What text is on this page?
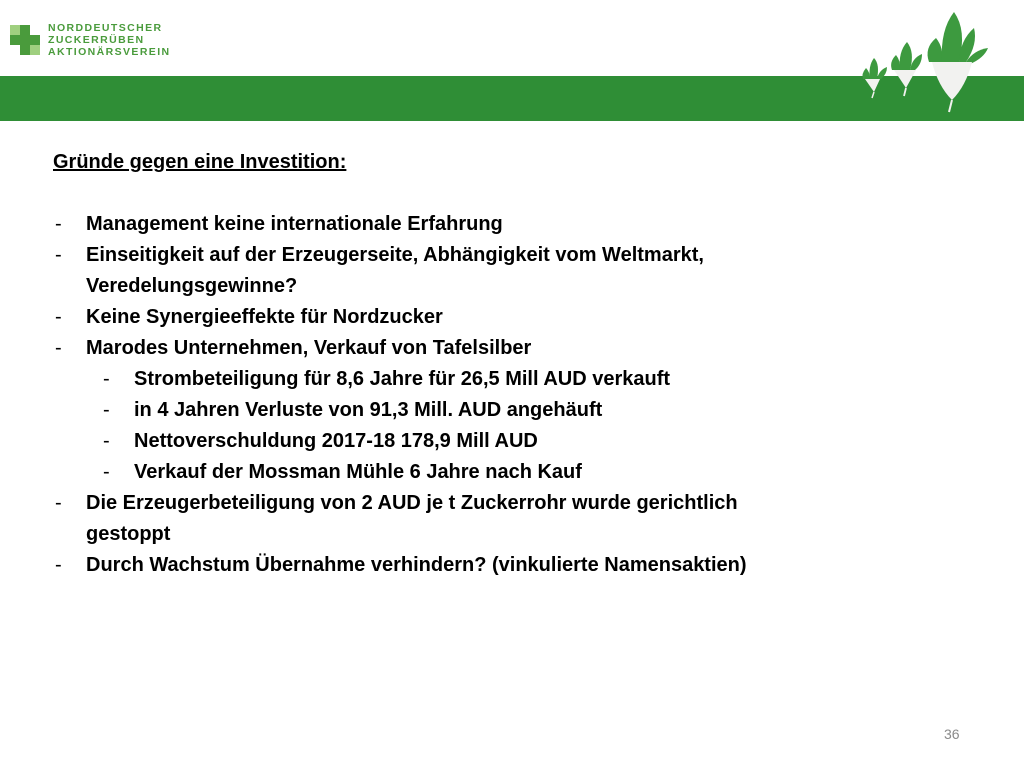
NORDDEUTSCHER
ZUCKERRÜBEN
AKTIONÄRSVEREIN
Gründe gegen eine Investition:
- Management keine internationale Erfahrung
- Einseitigkeit auf der Erzeugerseite, Abhängigkeit vom Weltmarkt,
Veredelungsgewinne?
- Keine Synergieeffekte für Nordzucker
- Marodes Unternehmen, Verkauf von Tafelsilber
- Strombeteiligung für 8,6 Jahre für 26,5 Mill AUD verkauft
- in 4 Jahren Verluste von 91,3 Mill. AUD angehäuft
- Nettoverschuldung 2017-18 178,9 Mill AUD
- Verkauf der Mossman Mühle 6 Jahre nach Kauf
- Die Erzeugerbeteiligung von 2 AUD je t Zuckerrohr wurde gerichtlich
gestoppt
- Durch Wachstum Übernahme verhindern? (vinkulierte Namensaktien)
36
